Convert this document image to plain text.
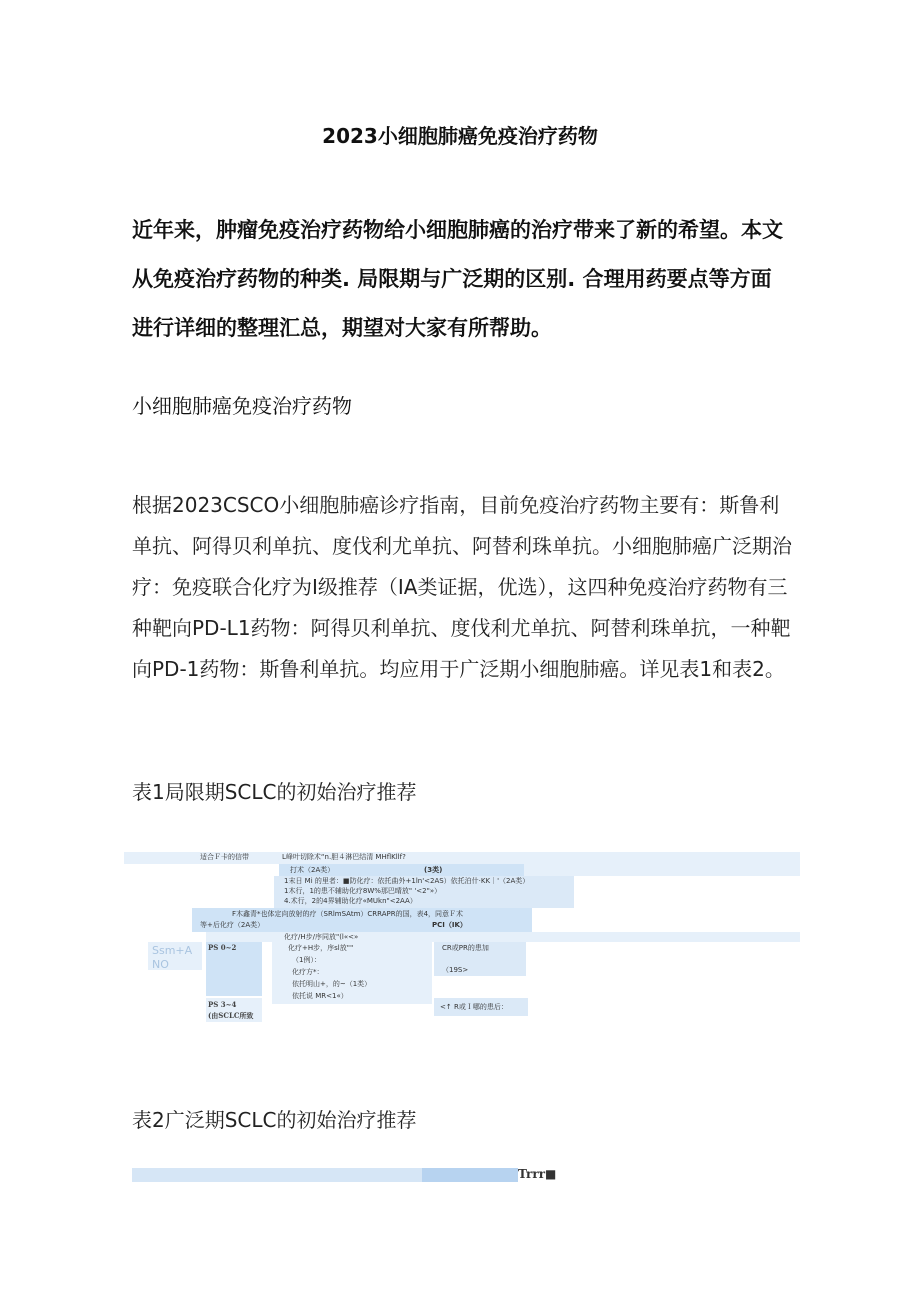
2023小细胞肺癌免疫治疗药物

近年来，肿瘤免疫治疗药物给小细胞肺癌的治疗带来了新的希望。本文从免疫治疗药物的种类. 局限期与广泛期的区别. 合理用药要点等方面进行详细的整理汇总，期望对大家有所帮助。

小细胞肺癌免疫治疗药物

根据2023CSCO小细胞肺癌诊疗指南，目前免疫治疗药物主要有：斯鲁利单抗、阿得贝利单抗、度伐利尤单抗、阿替利珠单抗。小细胞肺癌广泛期治疗：免疫联合化疗为Ⅰ级推荐（IA类证据，优选），这四种免疫治疗药物有三种靶向PD-L1药物：阿得贝利单抗、度伐利尤单抗、阿替利珠单抗，一种靶向PD-1药物：斯鲁利单抗。均应用于广泛期小细胞肺癌。详见表1和表2。

表1局限期SCLC的初始治疗推荐
适合Ｆ卡的信带	L峰叶切除术“n.胆４淋巴结清 MHflKllf?
打术（2A类）	(3类)
1末日 Mi 的里者：■防化疗：依托曲外+1ln'<2AS）依托泊什·KK｜'（2A类）
1木行，1的患不辅助化疗8W%那巴晴放" '<2"»）
4.术行，2的4界辅助化疗«MUkn"<2AA）
F木鑫青*也体定向放射的疗（SRlmSAtm）CRRAPR的国，表4，同意Ｆ术
等+后化疗（2A类）	PCI（IK）
化疗/H步/序同放"(l«<»
Ssm+A
NO
PS 0~2	化疗+H步，序sl放""
（1例）：
化疗方*：
依托明山+，的~（1类）
依托说 MR<1«）
CR或PR的患加
（19S>
PS 3~4
(由SCLC所致
<↑ R或Ｉ哪的患后：
表2广泛期SCLC的初始治疗推荐
Trrr■
